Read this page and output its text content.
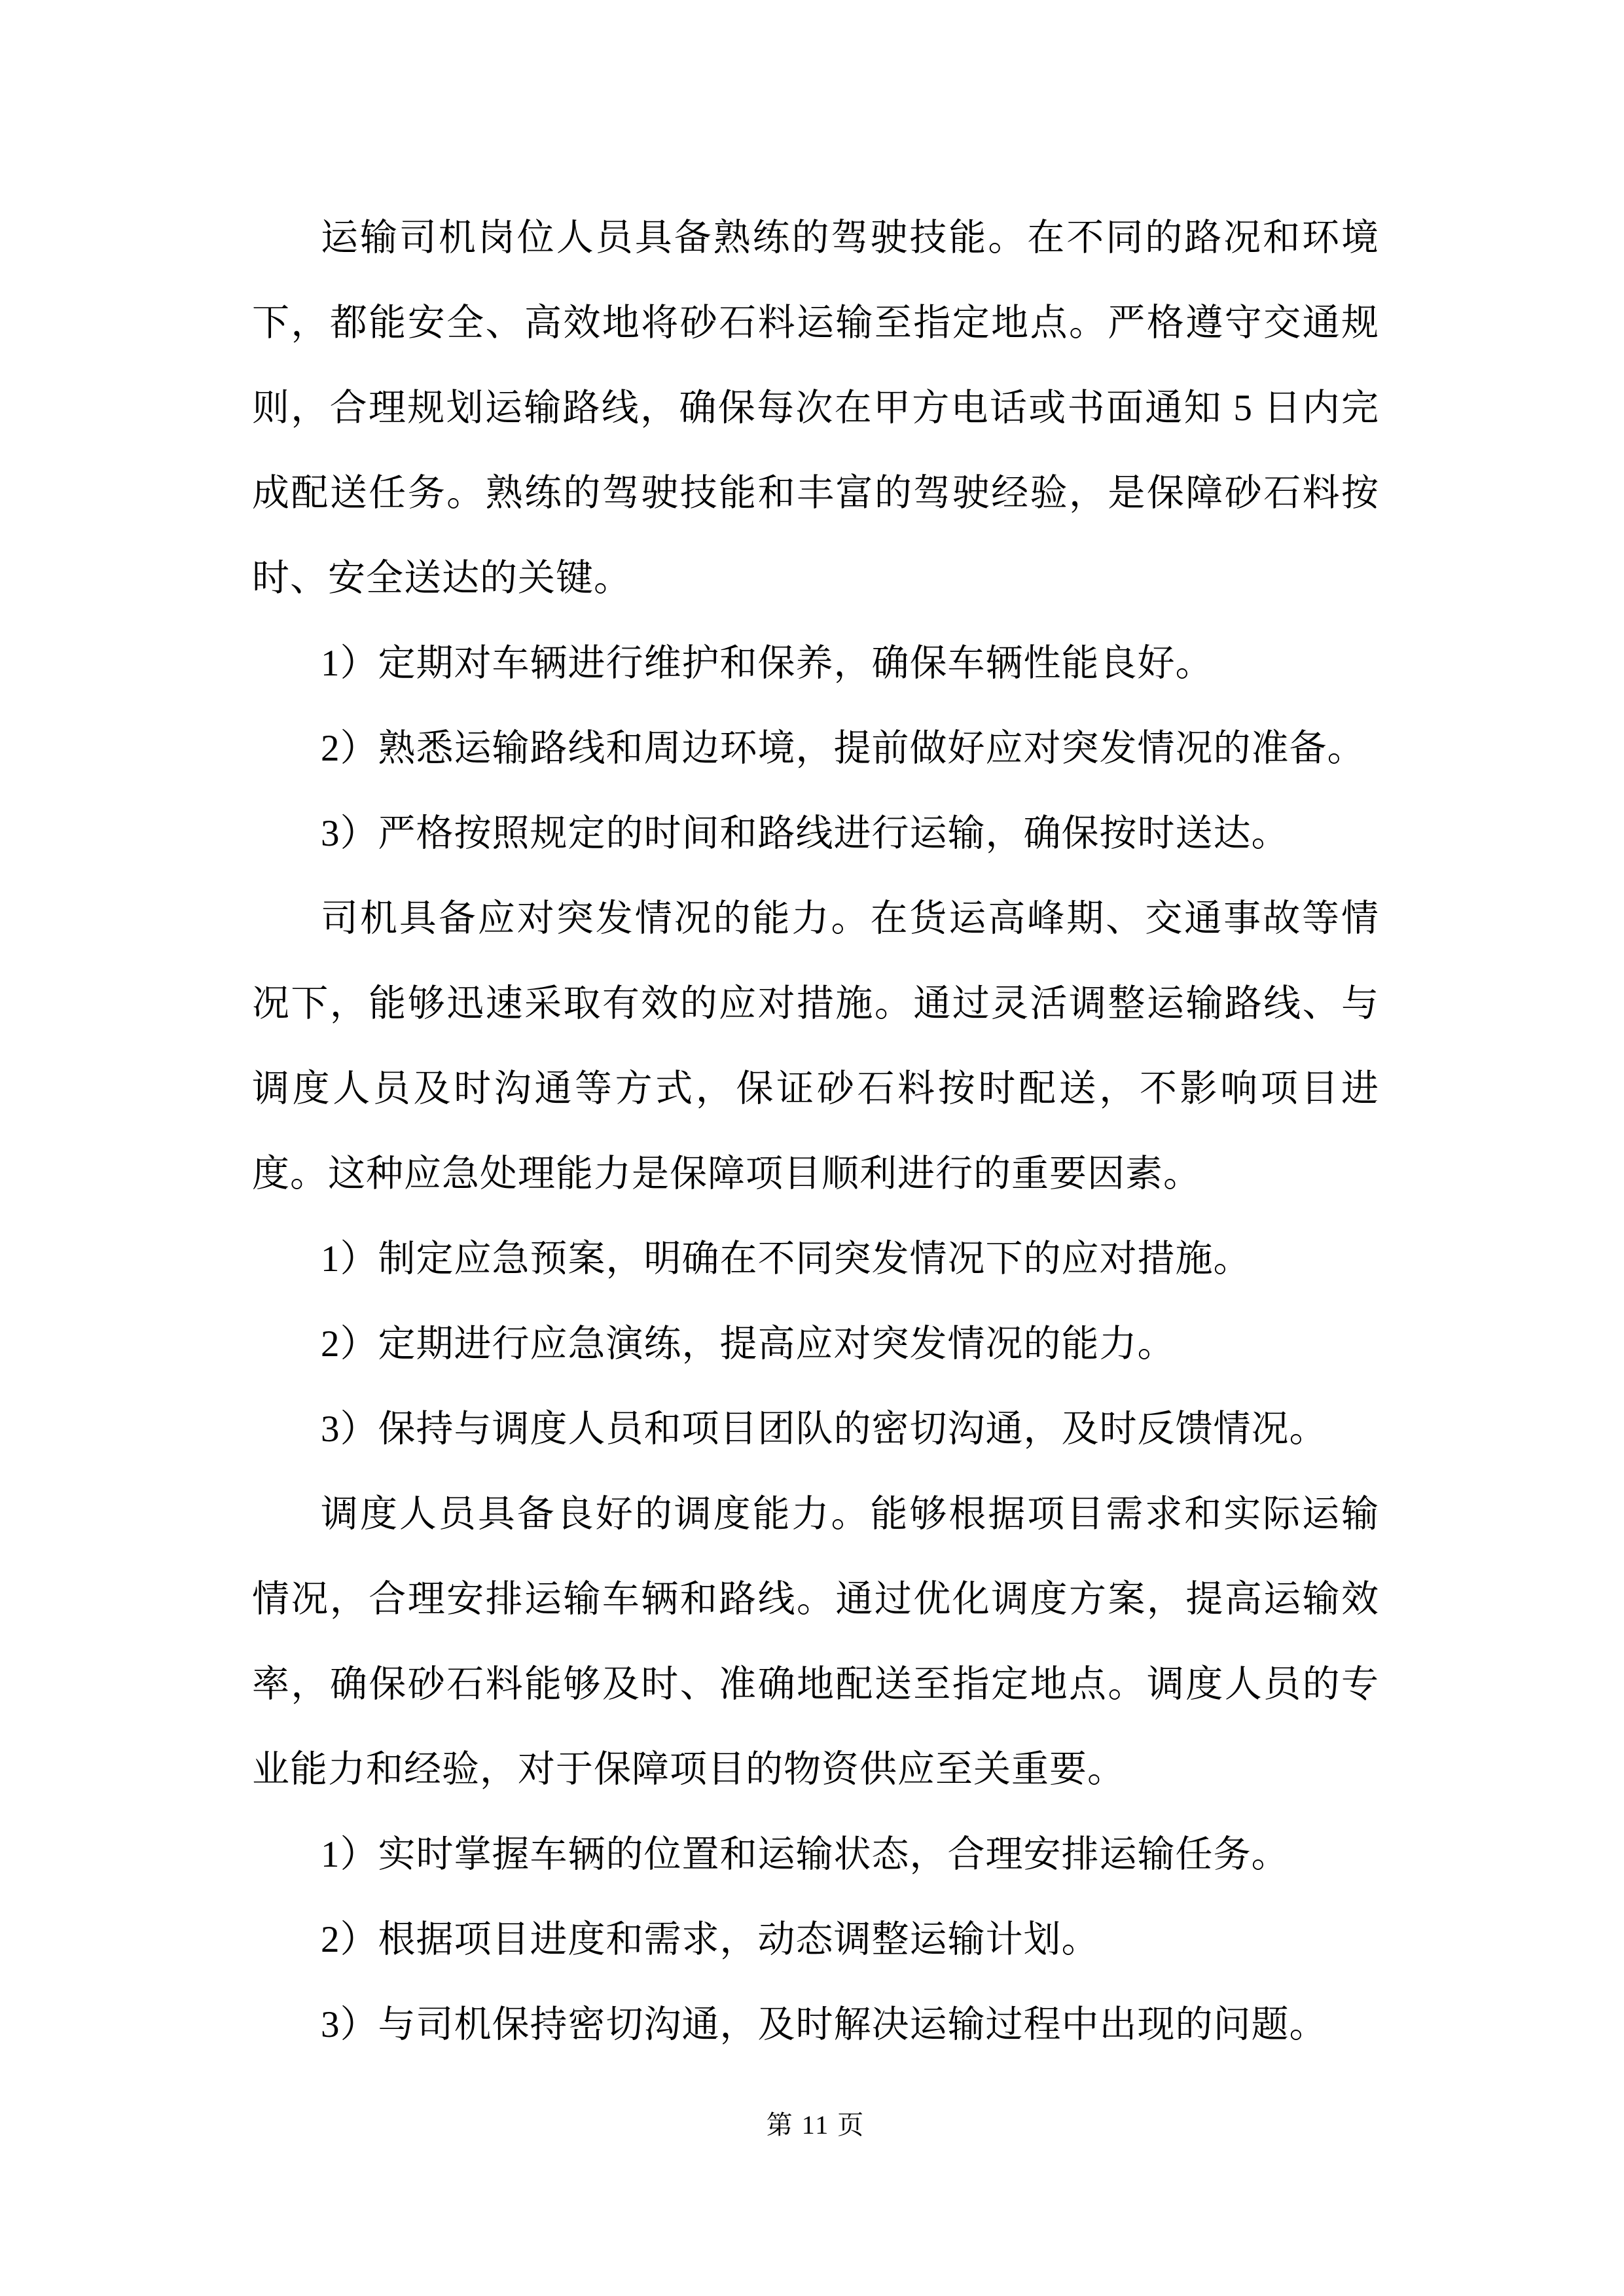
运输司机岗位人员具备熟练的驾驶技能。在不同的路况和环境下，都能安全、高效地将砂石料运输至指定地点。严格遵守交通规则，合理规划运输路线，确保每次在甲方电话或书面通知 5 日内完成配送任务。熟练的驾驶技能和丰富的驾驶经验，是保障砂石料按时、安全送达的关键。

1）定期对车辆进行维护和保养，确保车辆性能良好。

2）熟悉运输路线和周边环境，提前做好应对突发情况的准备。

3）严格按照规定的时间和路线进行运输，确保按时送达。

司机具备应对突发情况的能力。在货运高峰期、交通事故等情况下，能够迅速采取有效的应对措施。通过灵活调整运输路线、与调度人员及时沟通等方式，保证砂石料按时配送，不影响项目进度。这种应急处理能力是保障项目顺利进行的重要因素。

1）制定应急预案，明确在不同突发情况下的应对措施。

2）定期进行应急演练，提高应对突发情况的能力。

3）保持与调度人员和项目团队的密切沟通，及时反馈情况。

调度人员具备良好的调度能力。能够根据项目需求和实际运输情况，合理安排运输车辆和路线。通过优化调度方案，提高运输效率，确保砂石料能够及时、准确地配送至指定地点。调度人员的专业能力和经验，对于保障项目的物资供应至关重要。

1）实时掌握车辆的位置和运输状态，合理安排运输任务。

2）根据项目进度和需求，动态调整运输计划。

3）与司机保持密切沟通，及时解决运输过程中出现的问题。

第 11 页
